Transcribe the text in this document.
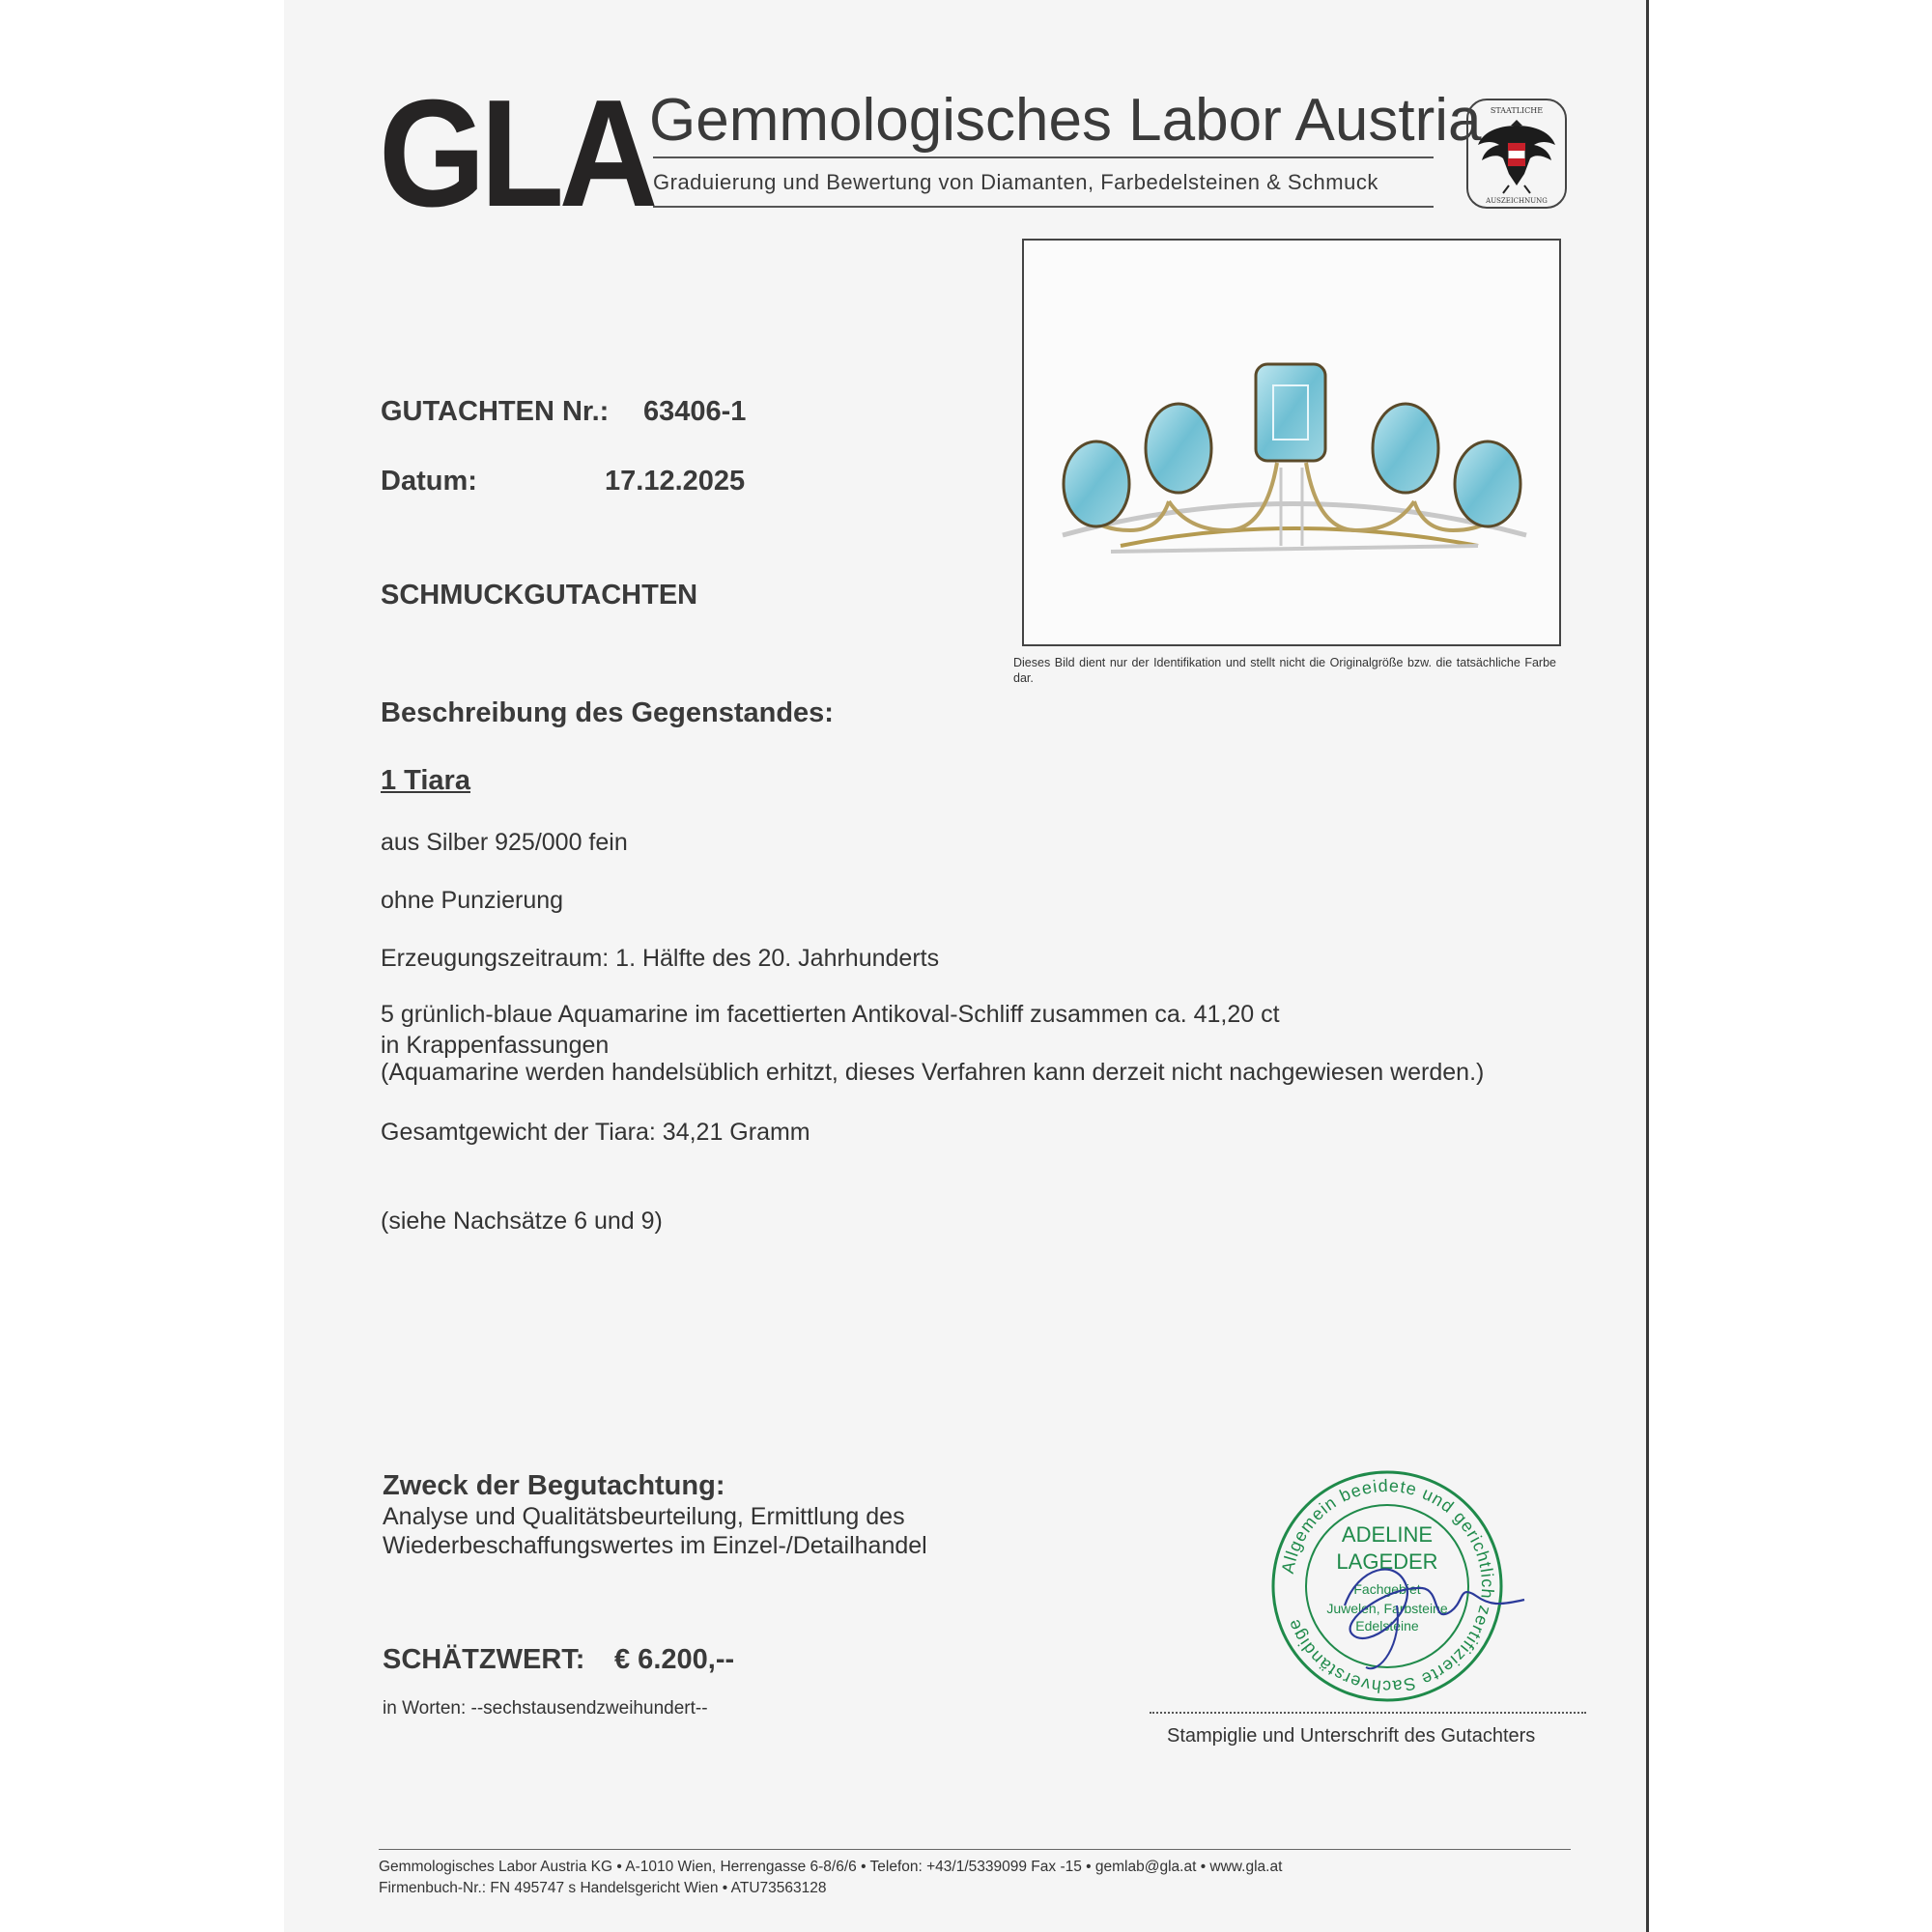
GLA
Gemmologisches Labor Austria
Graduierung und Bewertung von Diamanten, Farbedelsteinen & Schmuck
STAATLICHE
AUSZEICHNUNG
GUTACHTEN Nr.: 63406-1
Datum:	17.12.2025
SCHMUCKGUTACHTEN
Dieses Bild dient nur der Identifikation und stellt nicht die Originalgröße bzw. die tatsächliche Farbe dar.
Beschreibung des Gegenstandes:
1 Tiara
aus Silber 925/000 fein
ohne Punzierung
Erzeugungszeitraum: 1. Hälfte des 20. Jahrhunderts
5 grünlich-blaue Aquamarine im facettierten Antikoval-Schliff zusammen ca. 41,20 ct
in Krappenfassungen
(Aquamarine werden handelsüblich erhitzt, dieses Verfahren kann derzeit nicht nachgewiesen werden.)
Gesamtgewicht der Tiara: 34,21 Gramm
(siehe Nachsätze 6 und 9)
Zweck der Begutachtung:
Analyse und Qualitätsbeurteilung, Ermittlung des
Wiederbeschaffungswertes im Einzel-/Detailhandel
SCHÄTZWERT: € 6.200,--
in Worten: --sechstausendzweihundert--
Allgemein beeidete und gerichtlich zertifizierte Sachverständige
ADELINE
LAGEDER
Fachgebiet
Juwelen, Farbsteine
Edelsteine
Stampiglie und Unterschrift des Gutachters
Gemmologisches Labor Austria KG • A-1010 Wien, Herrengasse 6-8/6/6 • Telefon: +43/1/5339099 Fax -15 • gemlab@gla.at • www.gla.at
Firmenbuch-Nr.: FN 495747 s Handelsgericht Wien • ATU73563128
